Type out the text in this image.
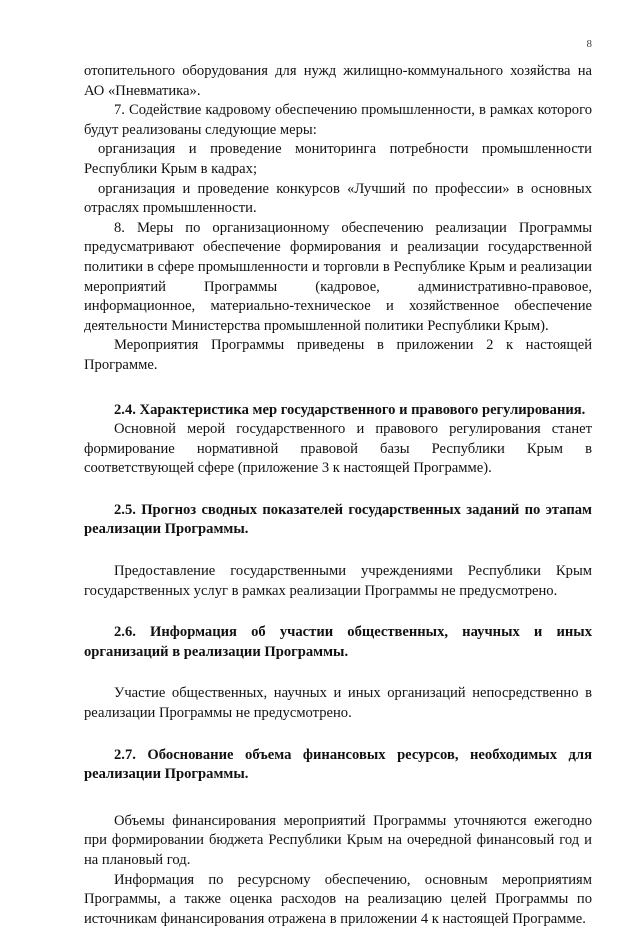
8

отопительного оборудования для нужд жилищно-коммунального хозяйства на АО «Пневматика».

7. Содействие кадровому обеспечению промышленности, в рамках которого будут реализованы следующие меры:

организация и проведение мониторинга потребности промышленности Республики Крым в кадрах;

организация и проведение конкурсов «Лучший по профессии» в основных отраслях промышленности.

8. Меры по организационному обеспечению реализации Программы предусматривают обеспечение формирования и реализации государственной политики в сфере промышленности и торговли в Республике Крым и реализации мероприятий Программы (кадровое, административно-правовое, информационное, материально-техническое и хозяйственное обеспечение деятельности Министерства промышленной политики Республики Крым).

Мероприятия Программы приведены в приложении 2 к настоящей Программе.

2.4. Характеристика мер государственного и правового регулирования.

Основной мерой государственного и правового регулирования станет формирование нормативной правовой базы Республики Крым в соответствующей сфере (приложение 3 к настоящей Программе).

2.5. Прогноз сводных показателей государственных заданий по этапам реализации Программы.

Предоставление государственными учреждениями Республики Крым государственных услуг в рамках реализации Программы не предусмотрено.

2.6. Информация об участии общественных, научных и иных организаций в реализации Программы.

Участие общественных, научных и иных организаций непосредственно в реализации Программы не предусмотрено.

2.7. Обоснование объема финансовых ресурсов, необходимых для реализации Программы.

Объемы финансирования мероприятий Программы уточняются ежегодно при формировании бюджета Республики Крым на очередной финансовый год и на плановый год.

Информация по ресурсному обеспечению, основным мероприятиям Программы, а также оценка расходов на реализацию целей Программы по источникам финансирования отражена в приложении 4 к настоящей Программе.
